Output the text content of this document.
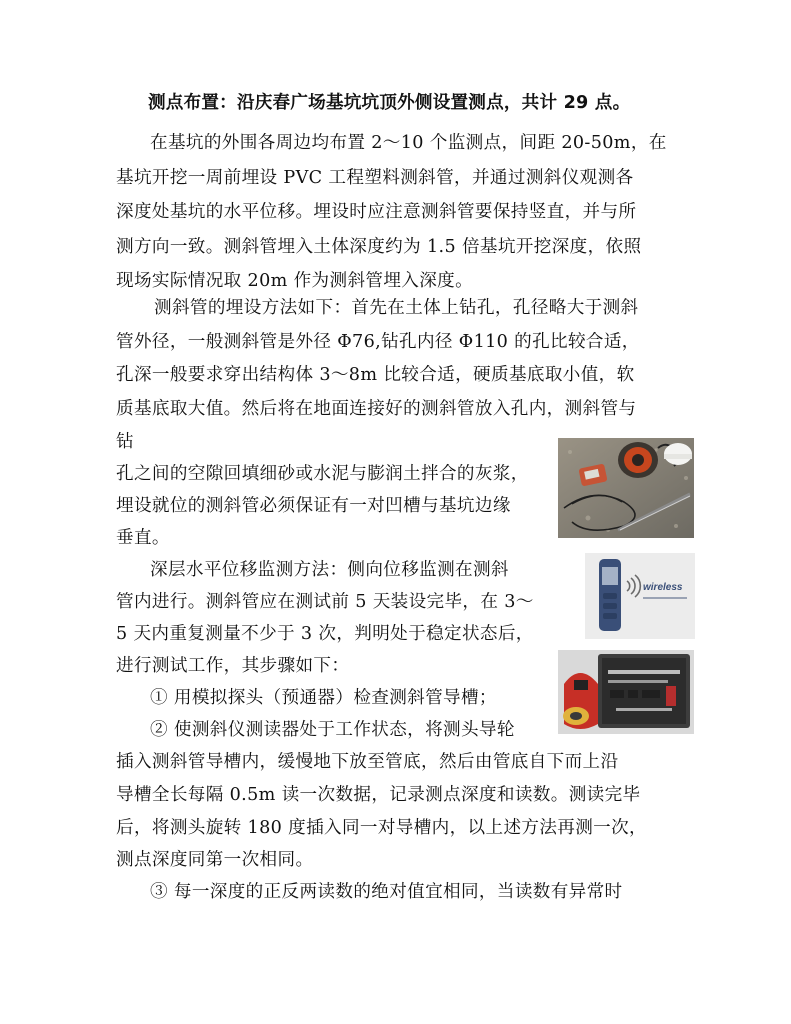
测点布置：沿庆春广场基坑坑顶外侧设置测点，共计 29 点。
在基坑的外围各周边均布置 2～10 个监测点，间距 20-50m，在
基坑开挖一周前埋设 PVC 工程塑料测斜管，并通过测斜仪观测各
深度处基坑的水平位移。埋设时应注意测斜管要保持竖直，并与所
测方向一致。测斜管埋入土体深度约为 1.5 倍基坑开挖深度，依照
现场实际情况取 20m 作为测斜管埋入深度。
测斜管的埋设方法如下：首先在土体上钻孔，孔径略大于测斜
管外径，一般测斜管是外径 Φ76,钻孔内径 Φ110 的孔比较合适，
孔深一般要求穿出结构体 3～8m 比较合适，硬质基底取小值，软
质基底取大值。然后将在地面连接好的测斜管放入孔内，测斜管与
钻
孔之间的空隙回填细砂或水泥与膨润土拌合的灰浆，
埋设就位的测斜管必须保证有一对凹槽与基坑边缘
垂直。
深层水平位移监测方法：侧向位移监测在测斜
管内进行。测斜管应在测试前 5 天装设完毕，在 3～
5 天内重复测量不少于 3 次，判明处于稳定状态后，
进行测试工作，其步骤如下：
① 用模拟探头（预通器）检查测斜管导槽；
② 使测斜仪测读器处于工作状态，将测头导轮
插入测斜管导槽内，缓慢地下放至管底，然后由管底自下而上沿
导槽全长每隔 0.5m 读一次数据，记录测点深度和读数。测读完毕
后，将测头旋转 180 度插入同一对导槽内，以上述方法再测一次，
测点深度同第一次相同。
③ 每一深度的正反两读数的绝对值宜相同，当读数有异常时
wireless
